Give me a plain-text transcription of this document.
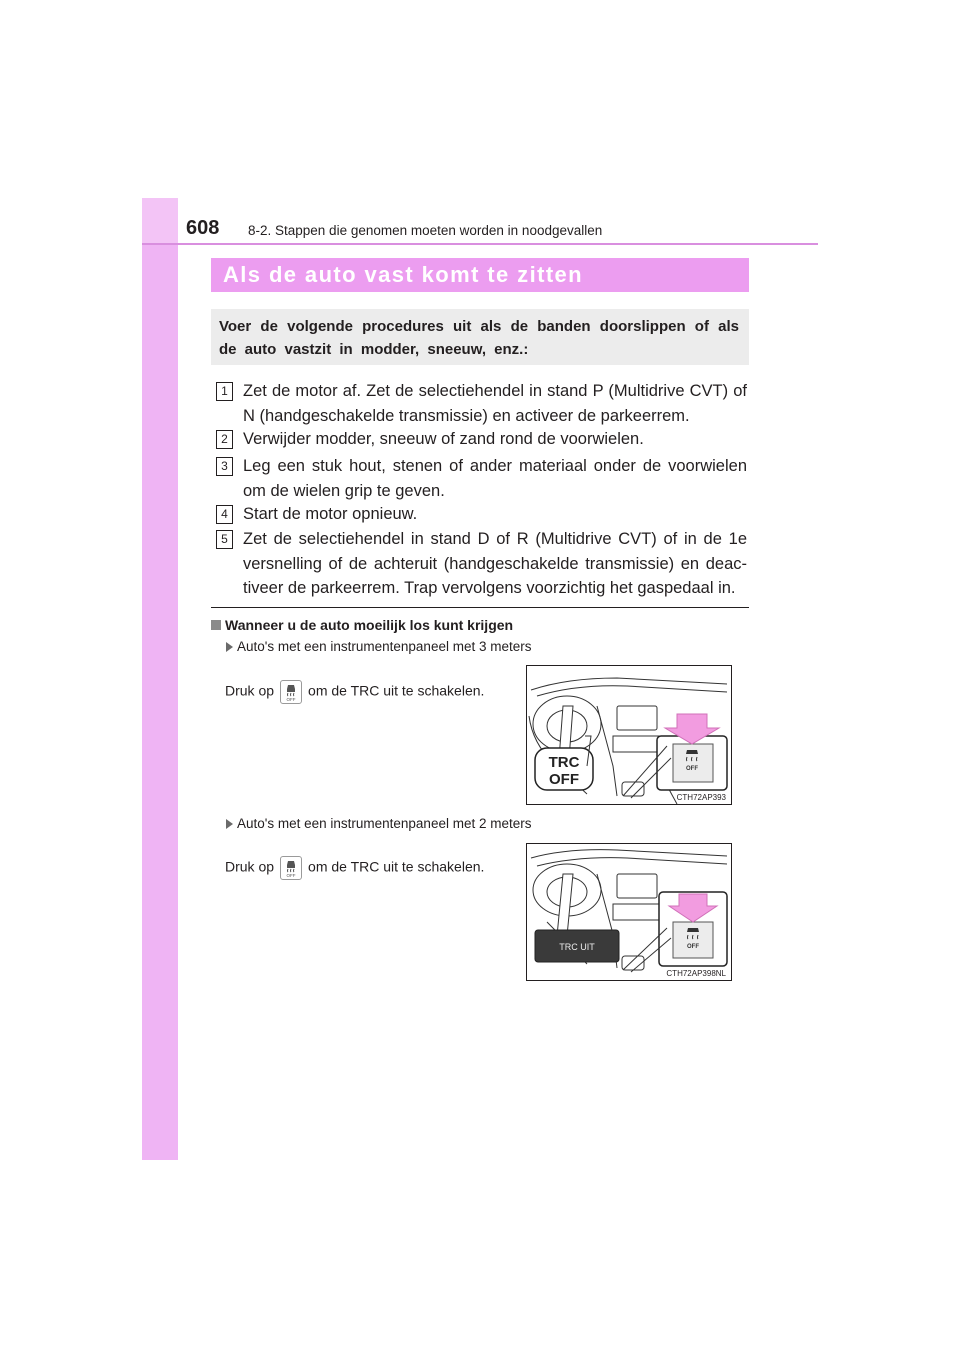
608 8-2. Stappen die genomen moeten worden in noodgevallen
Als de auto vast komt te zitten
Voer de volgende procedures uit als de banden doorslippen of als de auto vastzit in modder, sneeuw, enz.:
1 Zet de motor af. Zet de selectiehendel in stand P (Multidrive CVT) of N (handgeschakelde transmissie) en activeer de parkeerrem.
2 Verwijder modder, sneeuw of zand rond de voorwielen.
3 Leg een stuk hout, stenen of ander materiaal onder de voorwielen om de wielen grip te geven.
4 Start de motor opnieuw.
5 Zet de selectiehendel in stand D of R (Multidrive CVT) of in de 1e versnelling of de achteruit (handgeschakelde transmissie) en deac-tiveer de parkeerrem. Trap vervolgens voorzichtig het gaspedaal in.
Wanneer u de auto moeilijk los kunt krijgen
Auto's met een instrumentenpaneel met 3 meters
Druk op
OFF
om de TRC uit te schakelen.
TRC
OFF
OFF
CTH72AP393
Auto's met een instrumentenpaneel met 2 meters
Druk op
OFF
om de TRC uit te schakelen.
TRC UIT	OFF
CTH72AP398NL
